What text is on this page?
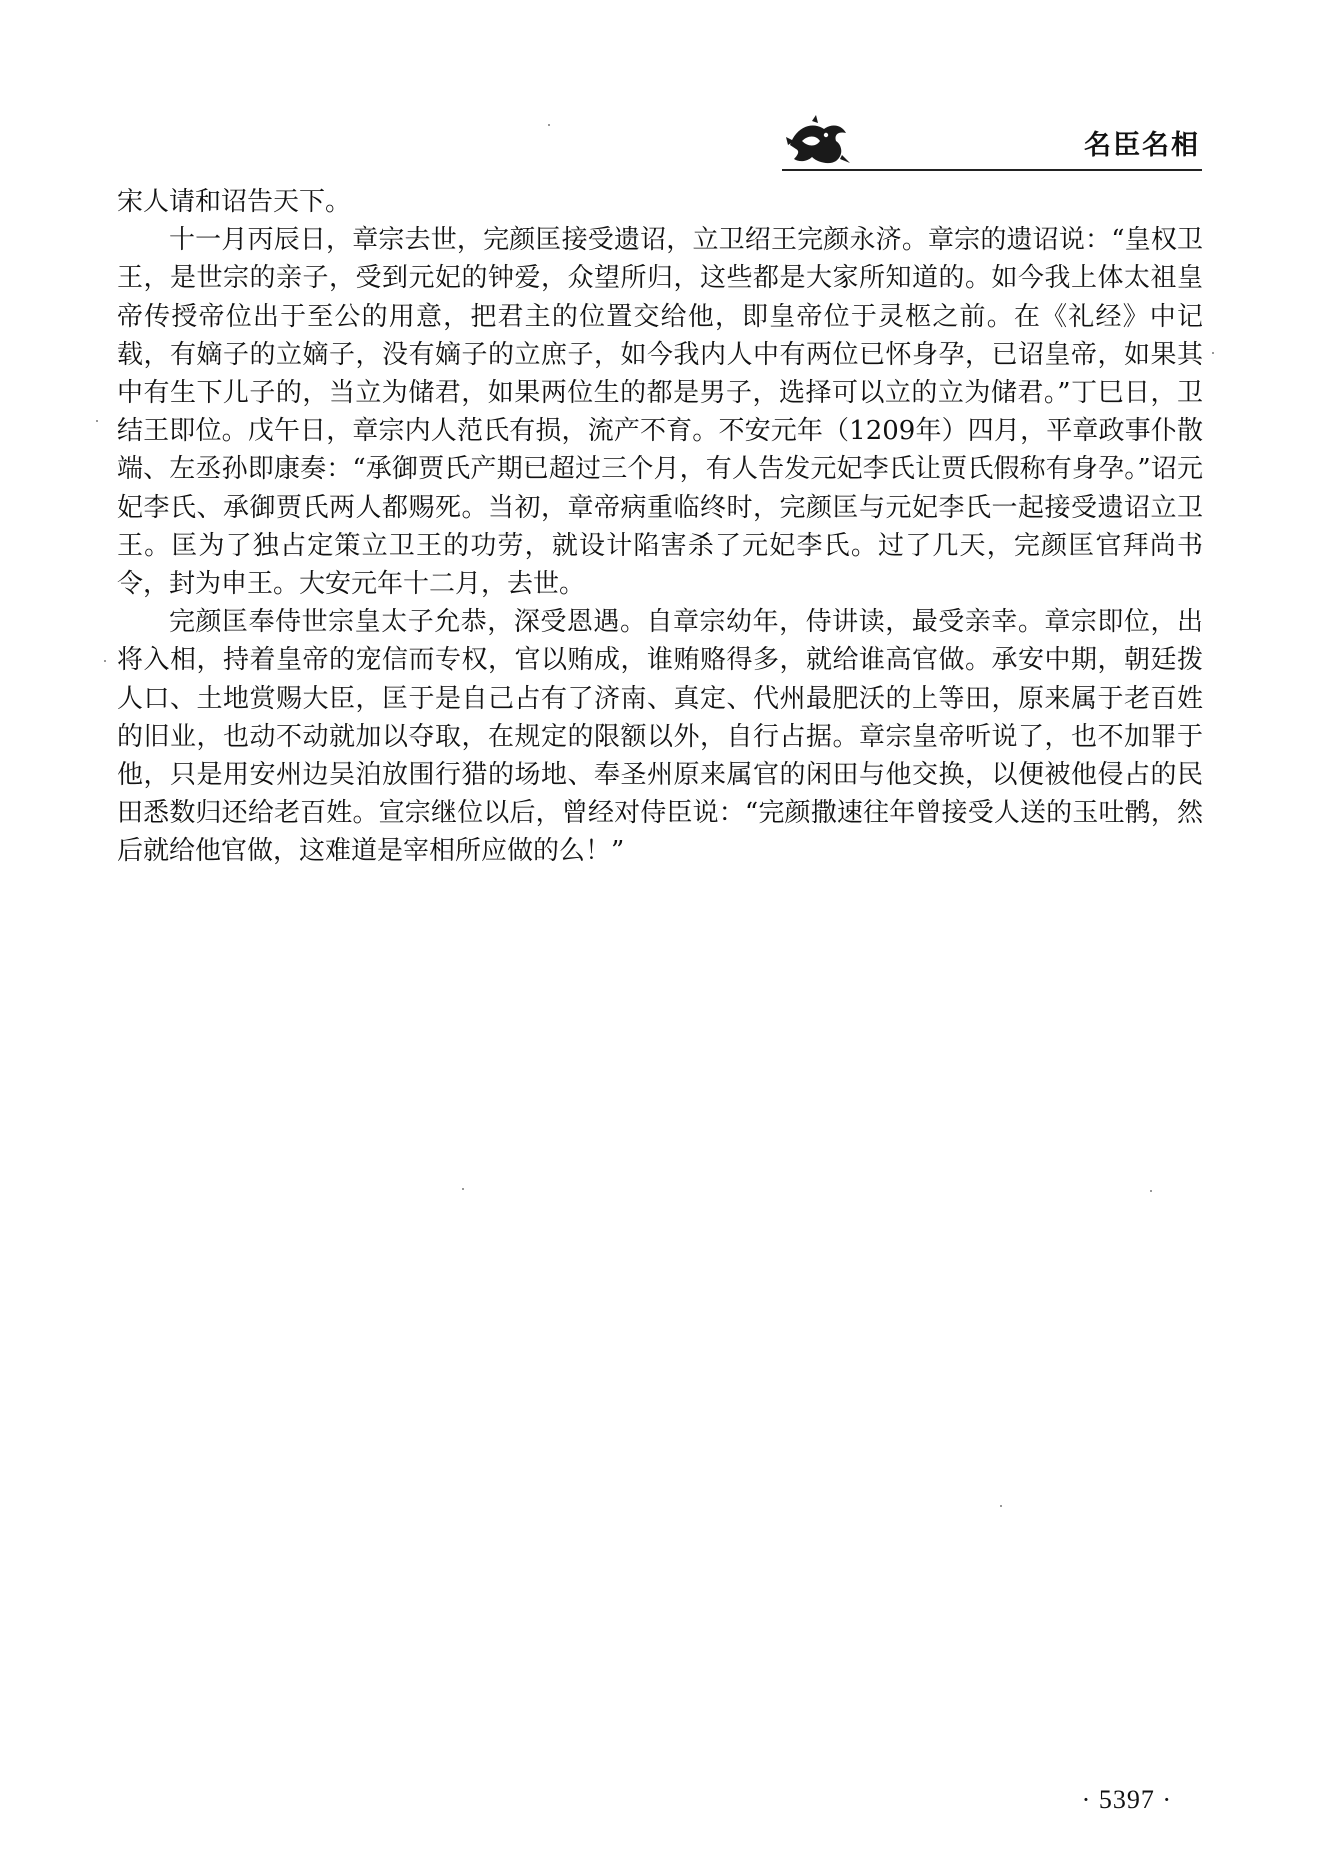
名臣名相

宋人请和诏告天下。

十一月丙辰日，章宗去世，完颜匡接受遗诏，立卫绍王完颜永济。章宗的遗诏说：“皇权卫王，是世宗的亲子，受到元妃的钟爱，众望所归，这些都是大家所知道的。如今我上体太祖皇帝传授帝位出于至公的用意，把君主的位置交给他，即皇帝位于灵柩之前。在《礼经》中记载，有嫡子的立嫡子，没有嫡子的立庶子，如今我内人中有两位已怀身孕，已诏皇帝，如果其中有生下儿子的，当立为储君，如果两位生的都是男子，选择可以立的立为储君。”丁巳日，卫结王即位。戊午日，章宗内人范氏有损，流产不育。不安元年（1209年）四月，平章政事仆散端、左丞孙即康奏：“承御贾氏产期已超过三个月，有人告发元妃李氏让贾氏假称有身孕。”诏元妃李氏、承御贾氏两人都赐死。当初，章帝病重临终时，完颜匡与元妃李氏一起接受遗诏立卫王。匡为了独占定策立卫王的功劳，就设计陷害杀了元妃李氏。过了几天，完颜匡官拜尚书令，封为申王。大安元年十二月，去世。

完颜匡奉侍世宗皇太子允恭，深受恩遇。自章宗幼年，侍讲读，最受亲幸。章宗即位，出将入相，持着皇帝的宠信而专权，官以贿成，谁贿赂得多，就给谁高官做。承安中期，朝廷拨人口、土地赏赐大臣，匡于是自己占有了济南、真定、代州最肥沃的上等田，原来属于老百姓的旧业，也动不动就加以夺取，在规定的限额以外，自行占据。章宗皇帝听说了，也不加罪于他，只是用安州边吴泊放围行猎的场地、奉圣州原来属官的闲田与他交换，以便被他侵占的民田悉数归还给老百姓。宣宗继位以后，曾经对侍臣说：“完颜撒速往年曾接受人送的玉吐鹘，然后就给他官做，这难道是宰相所应做的么！”

· 5397 ·
